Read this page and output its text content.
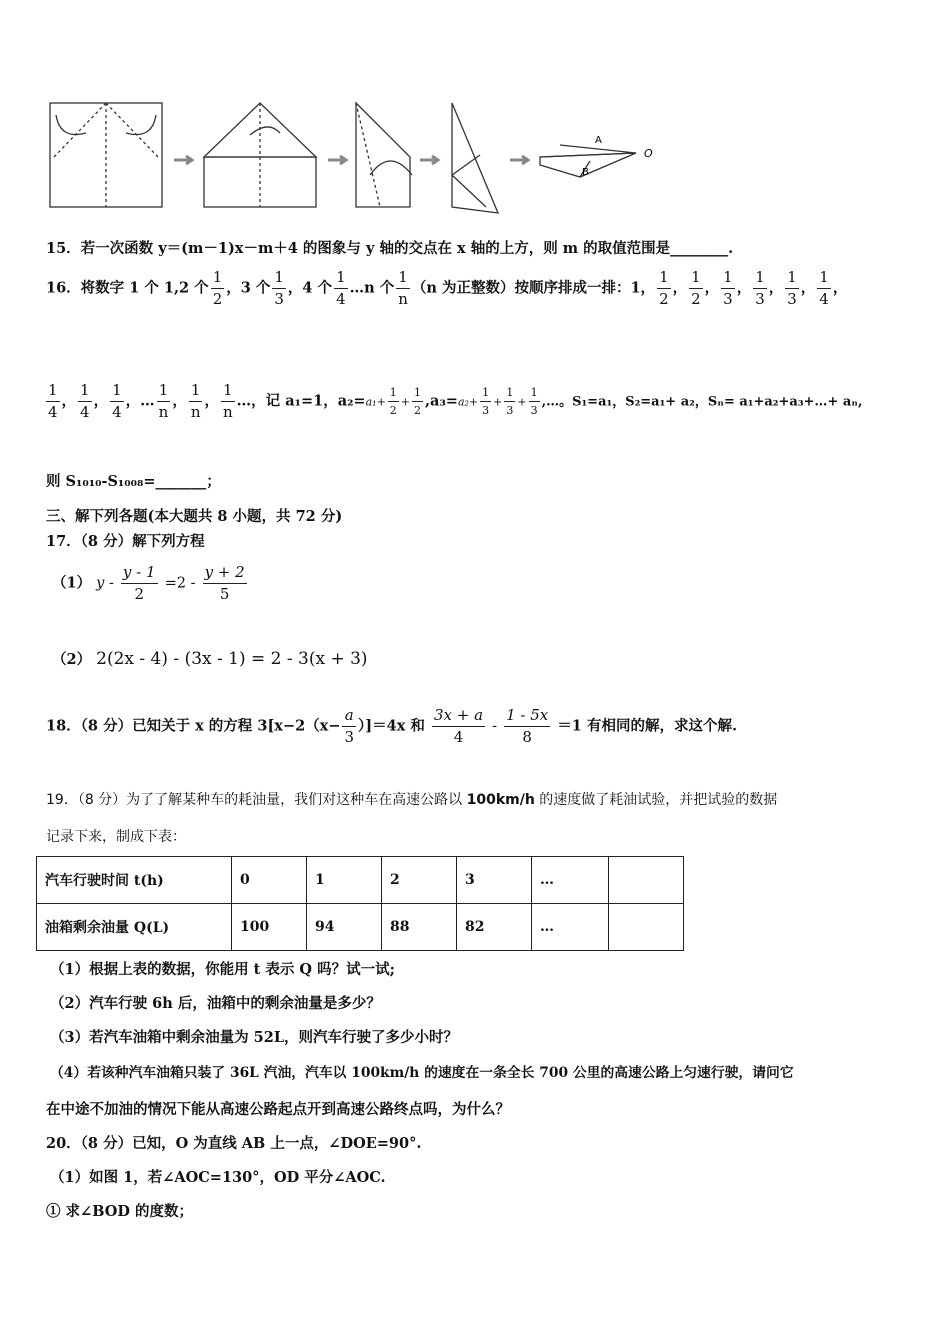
A
B
O
15．若一次函数 y＝(m－1)x－m＋4 的图象与 y 轴的交点在 x 轴的上方，则 m 的取值范围是________.
16．将数字 1 个 1,2 个 $\frac{1}{2}$ ，3 个 $\frac{1}{3}$ ，4 个 $\frac{1}{4}$ …n 个 $\frac{1}{n} (n$ 为正整数）按顺序排成一排：1， $\frac{1}{2}$ ， $\frac{1}{2}$ ， $\frac{1}{3}$ ， $\frac{1}{3}$ ， $\frac{1}{3}$ ， $\frac{1}{4}$ ，
$\frac{1}{4}$ ， $\frac{1}{4}$ ， $\frac{1}{4}$ ，… $\frac{1}{n}$ ， $\frac{1}{n}$ ， $\frac{1}{n}$ …，记 a₁=1，$a_2=a_1+ \frac{1}{2} + \frac{1}{2} ,a_3=a_2+ \frac{1}{3} + \frac{1}{3} + \frac{1}{3}$ ,…。S₁=a₁，S₂=a₁+ a₂，Sₙ= a₁+a₂+a₃+…+ aₙ,
则 S₁₀₁₀-S₁₀₀₈=_______；
三、解下列各题(本大题共 8 小题，共 72 分)
17．（8 分）解下列方程
（1） $y - \frac{y - 1}{2} =2 - \frac{y + 2}{5}$
（2） 2(2x - 4) - (3x - 1) = 2 - 3(x + 3)
18．（8 分）已知关于 x 的方程 $3[x-2(x- \frac{a}{3} )]=4x$ 和 $\frac{3x + a}{4} - \frac{1 - 5x}{8} =1$ 有相同的解，求这个解.
19．（8 分）为了了解某种车的耗油量，我们对这种车在高速公路以 100km/h 的速度做了耗油试验，并把试验的数据
记录下来，制成下表：
汽车行驶时间 t(h)	0	1	2	3	…	
油箱剩余油量 Q(L)	100	94	88	82	…	
（1）根据上表的数据，你能用 t 表示 Q 吗？试一试;
（2）汽车行驶 6h 后，油箱中的剩余油量是多少？
（3）若汽车油箱中剩余油量为 52L，则汽车行驶了多少小时？
（4）若该种汽车油箱只装了 36L 汽油，汽车以 100km/h 的速度在一条全长 700 公里的高速公路上匀速行驶，请问它
在中途不加油的情况下能从高速公路起点开到高速公路终点吗，为什么？
20．（8 分）已知，O 为直线 AB 上一点，∠DOE=90°.
（1）如图 1，若∠AOC=130°，OD 平分∠AOC.
① 求∠BOD 的度数；
